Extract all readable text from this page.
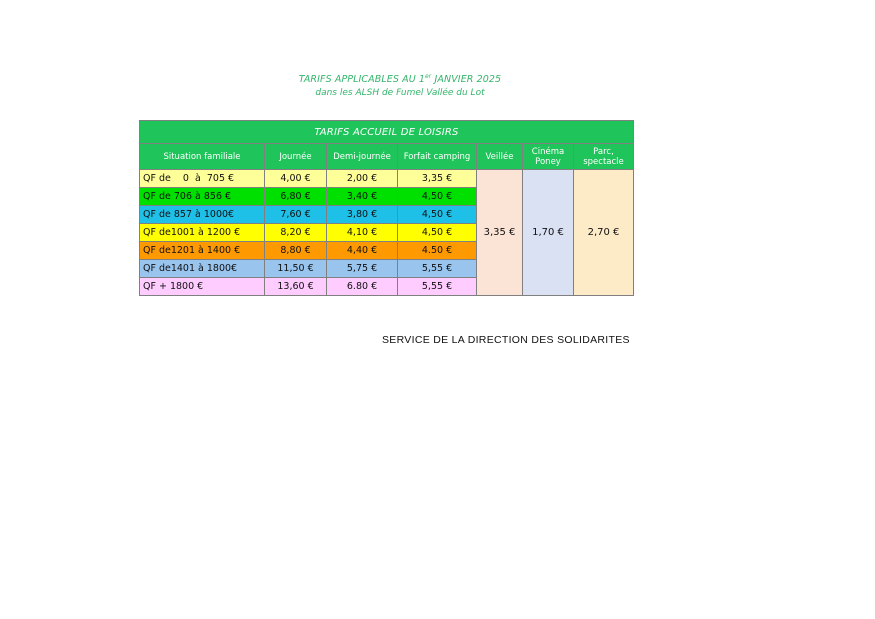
TARIFS APPLICABLES AU 1er JANVIER 2025
dans les ALSH de Fumel Vallée du Lot
TARIFS ACCUEIL DE LOISIRS						
Situation familiale	Journée	Demi-journée	Forfait camping	Veillée	Cinéma Poney	Parc, spectacle
QF de    0  à  705 €	4,00 €	2,00 €	3,35 €	3,35 €	1,70 €	2,70 €
QF de 706 à 856 €	6,80 €	3,40 €	4,50 €			
QF de 857 à 1000€	7,60 €	3,80 €	4,50 €			
QF de1001 à 1200 €	8,20 €	4,10 €	4,50 €			
QF de1201 à 1400 €	8,80 €	4,40 €	4.50 €			
QF de1401 à 1800€	11,50 €	5,75 €	5,55 €			
QF + 1800 €	13,60 €	6.80 €	5,55 €			
SERVICE DE LA DIRECTION DES SOLIDARITES
